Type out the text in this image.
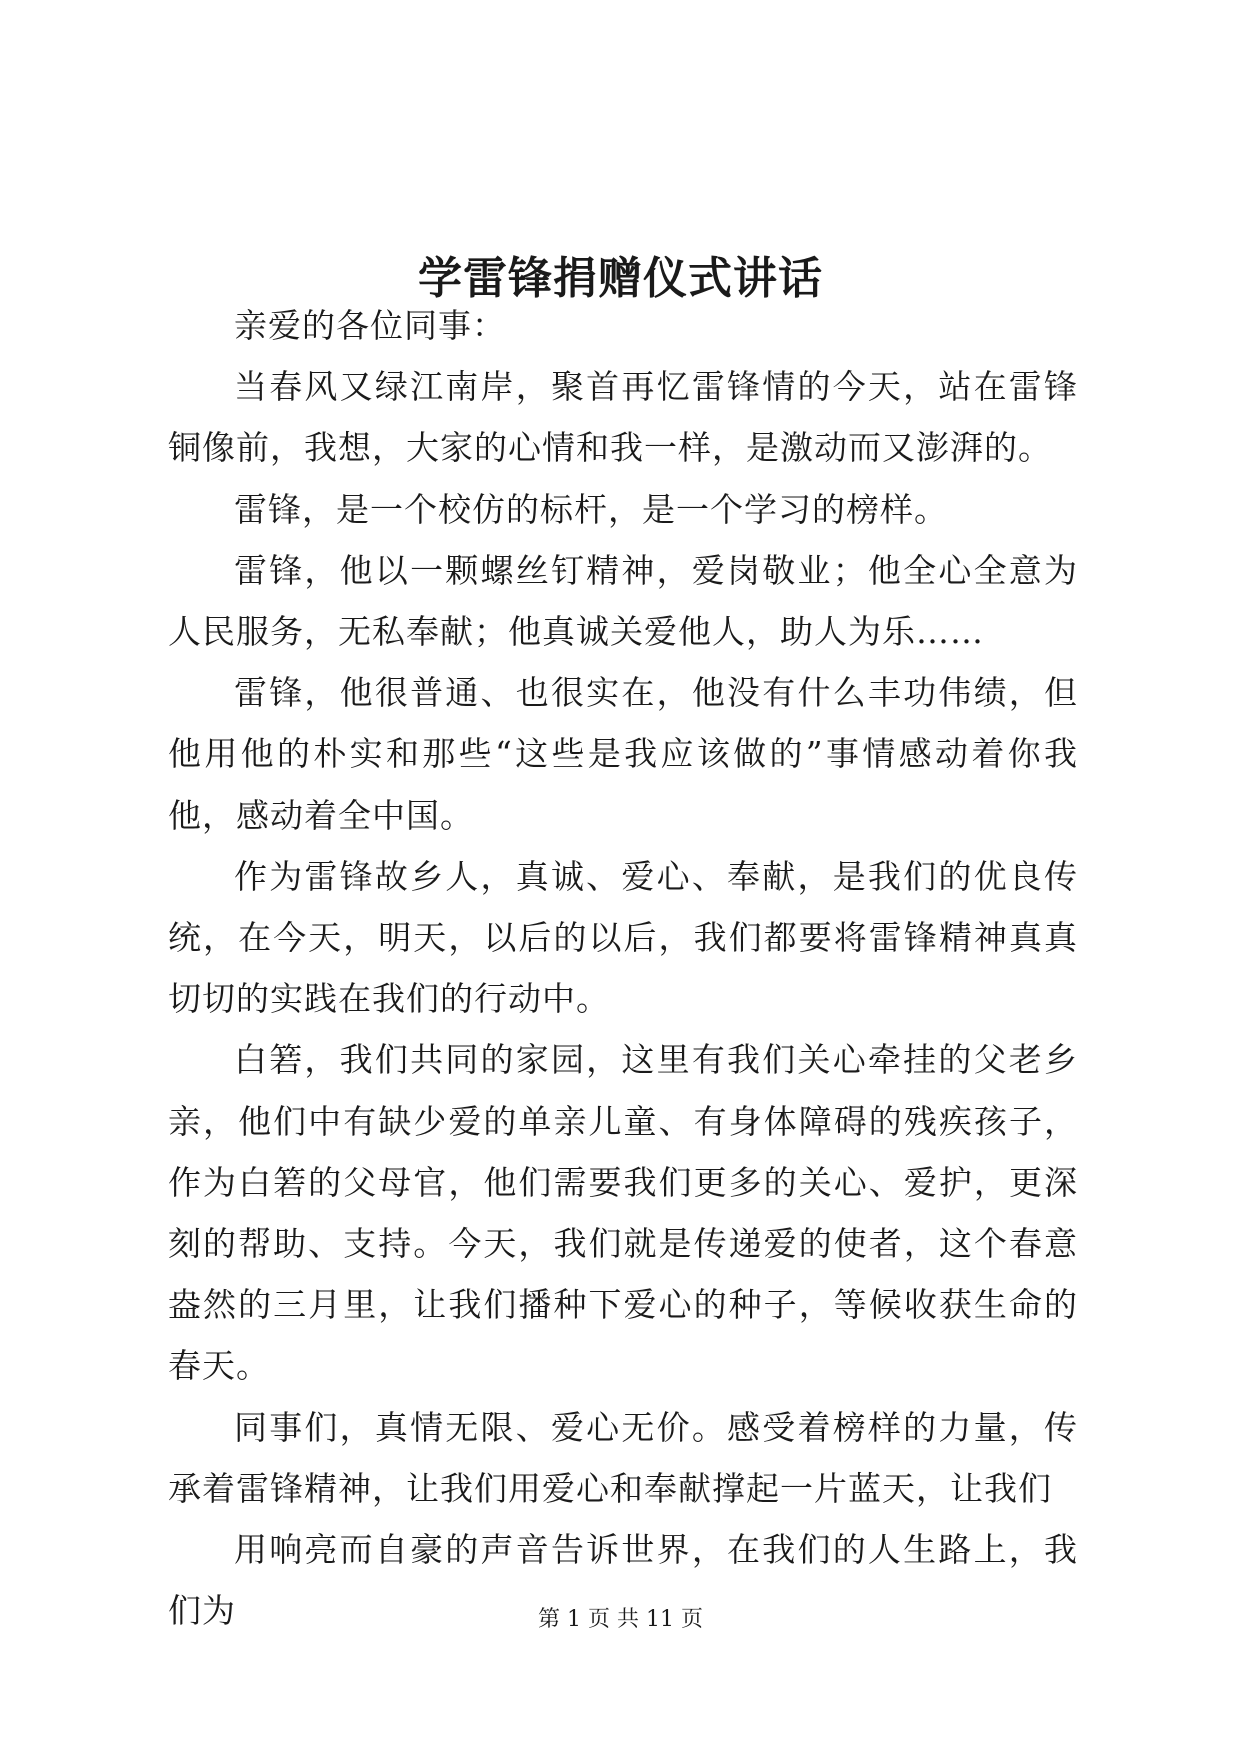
学雷锋捐赠仪式讲话

亲爱的各位同事：

当春风又绿江南岸，聚首再忆雷锋情的今天，站在雷锋铜像前，我想，大家的心情和我一样，是激动而又澎湃的。

雷锋，是一个校仿的标杆，是一个学习的榜样。

雷锋，他以一颗螺丝钉精神，爱岗敬业；他全心全意为人民服务，无私奉献；他真诚关爱他人，助人为乐……

雷锋，他很普通、也很实在，他没有什么丰功伟绩，但他用他的朴实和那些“这些是我应该做的”事情感动着你我他，感动着全中国。

作为雷锋故乡人，真诚、爱心、奉献，是我们的优良传统，在今天，明天，以后的以后，我们都要将雷锋精神真真切切的实践在我们的行动中。

白箬，我们共同的家园，这里有我们关心牵挂的父老乡亲，他们中有缺少爱的单亲儿童、有身体障碍的残疾孩子，作为白箬的父母官，他们需要我们更多的关心、爱护，更深刻的帮助、支持。今天，我们就是传递爱的使者，这个春意盎然的三月里，让我们播种下爱心的种子，等候收获生命的春天。

同事们，真情无限、爱心无价。感受着榜样的力量，传承着雷锋精神，让我们用爱心和奉献撑起一片蓝天，让我们

用响亮而自豪的声音告诉世界，在我们的人生路上，我们为	第 1 页 共 11 页
